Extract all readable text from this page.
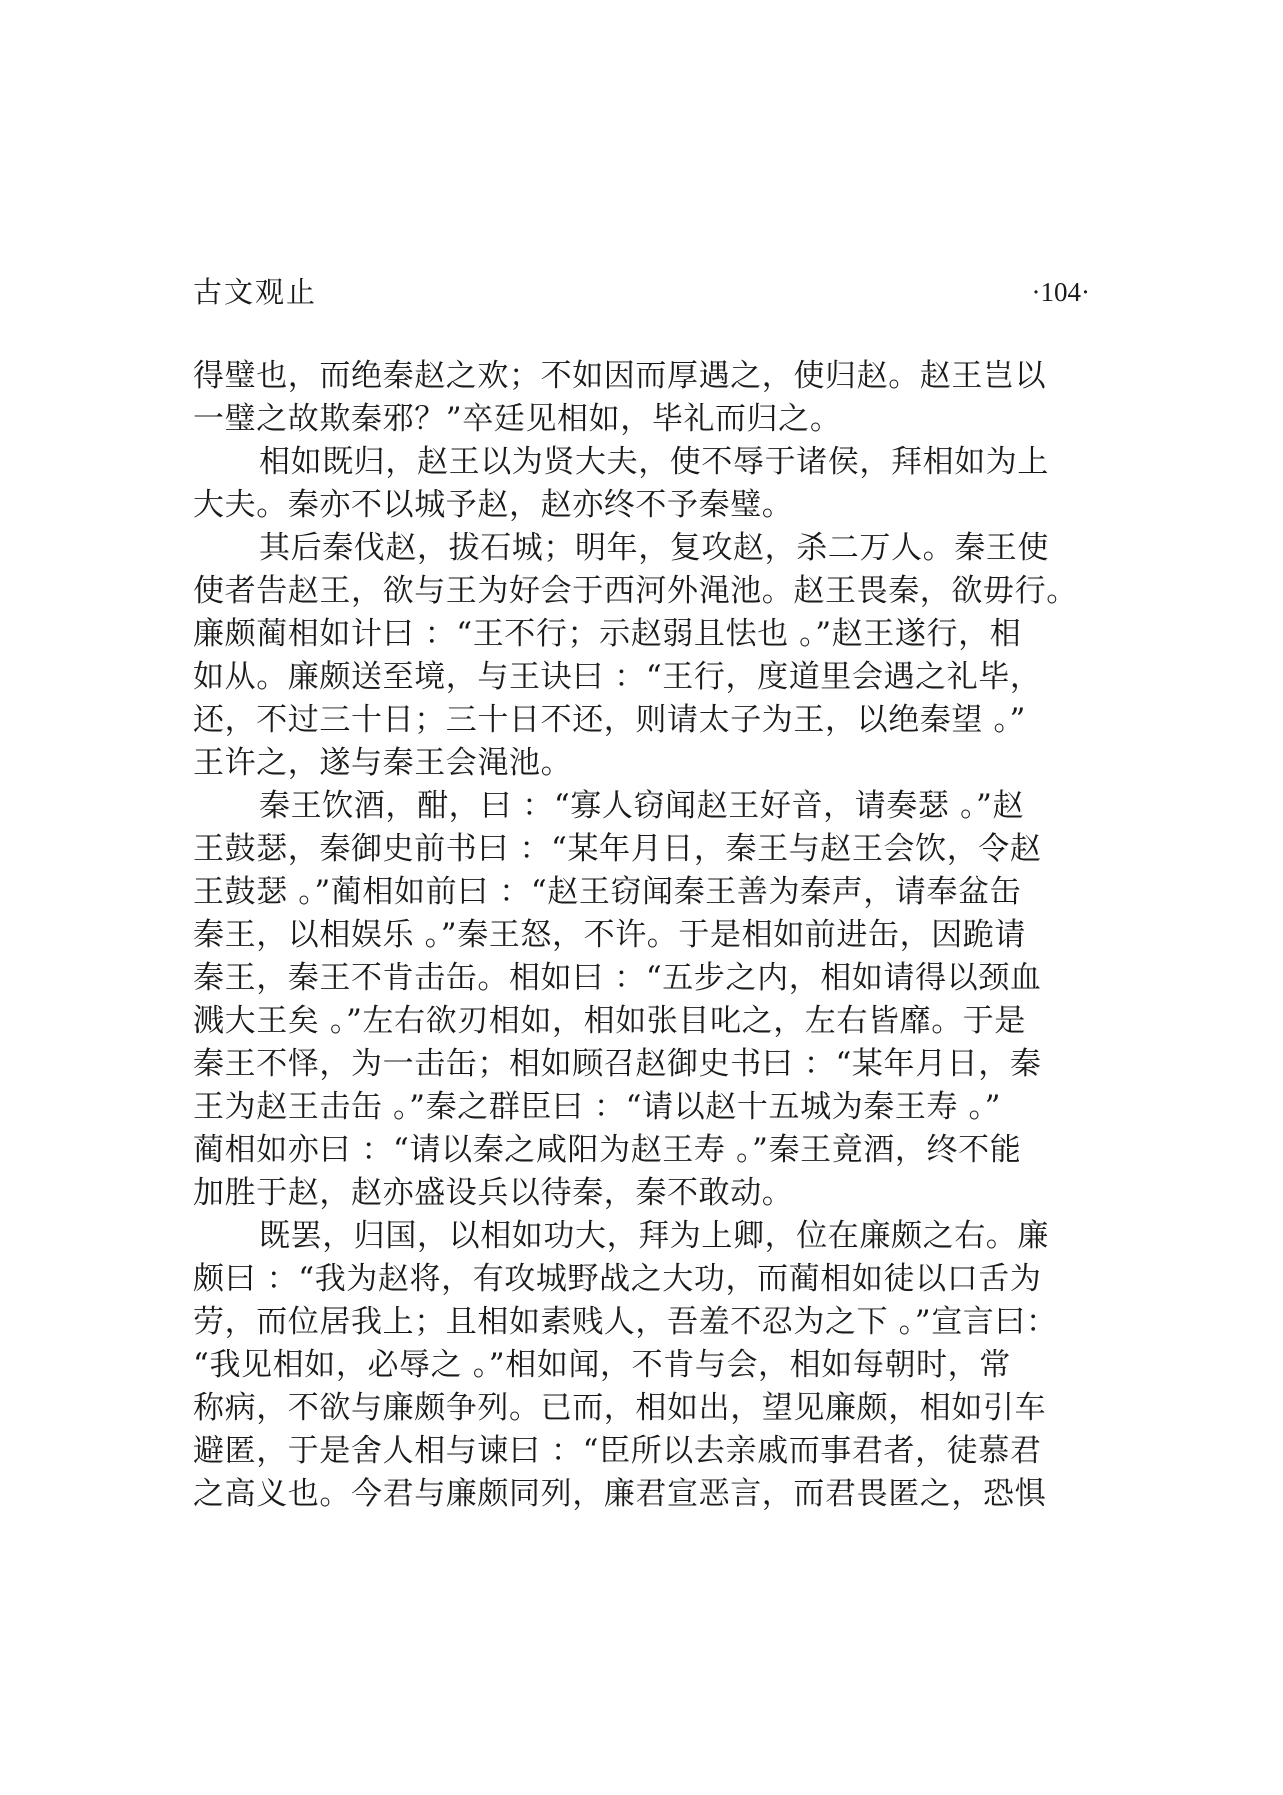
古文观止	·104·
得璧也，而绝秦赵之欢；不如因而厚遇之，使归赵。赵王岂以
一璧之故欺秦邪？”卒廷见相如，毕礼而归之。
相如既归，赵王以为贤大夫，使不辱于诸侯，拜相如为上
大夫。秦亦不以城予赵，赵亦终不予秦璧。
其后秦伐赵，拔石城；明年，复攻赵，杀二万人。秦王使
使者告赵王，欲与王为好会于西河外渑池。赵王畏秦，欲毋行。
廉颇蔺相如计曰 ：“王不行；示赵弱且怯也 。”赵王遂行，相
如从。廉颇送至境，与王诀曰 ：“王行，度道里会遇之礼毕，
还，不过三十日；三十日不还，则请太子为王，以绝秦望 。”
王许之，遂与秦王会渑池。
秦王饮酒，酣，曰 ：“寡人窃闻赵王好音，请奏瑟 。”赵
王鼓瑟，秦御史前书曰 ：“某年月日，秦王与赵王会饮，令赵
王鼓瑟 。”蔺相如前曰 ：“赵王窃闻秦王善为秦声，请奉盆缶
秦王，以相娱乐 。”秦王怒，不许。于是相如前进缶，因跪请
秦王，秦王不肯击缶。相如曰 ：“五步之内，相如请得以颈血
溅大王矣 。”左右欲刃相如，相如张目叱之，左右皆靡。于是
秦王不怿，为一击缶；相如顾召赵御史书曰 ：“某年月日，秦
王为赵王击缶 。”秦之群臣曰 ：“请以赵十五城为秦王寿 。”
蔺相如亦曰 ：“请以秦之咸阳为赵王寿 。”秦王竟酒，终不能
加胜于赵，赵亦盛设兵以待秦，秦不敢动。
既罢，归国，以相如功大，拜为上卿，位在廉颇之右。廉
颇曰 ：“我为赵将，有攻城野战之大功，而蔺相如徒以口舌为
劳，而位居我上；且相如素贱人，吾羞不忍为之下 。”宣言曰：
“我见相如，必辱之 。”相如闻，不肯与会，相如每朝时，常
称病，不欲与廉颇争列。已而，相如出，望见廉颇，相如引车
避匿，于是舍人相与谏曰 ：“臣所以去亲戚而事君者，徒慕君
之高义也。今君与廉颇同列，廉君宣恶言，而君畏匿之，恐惧
